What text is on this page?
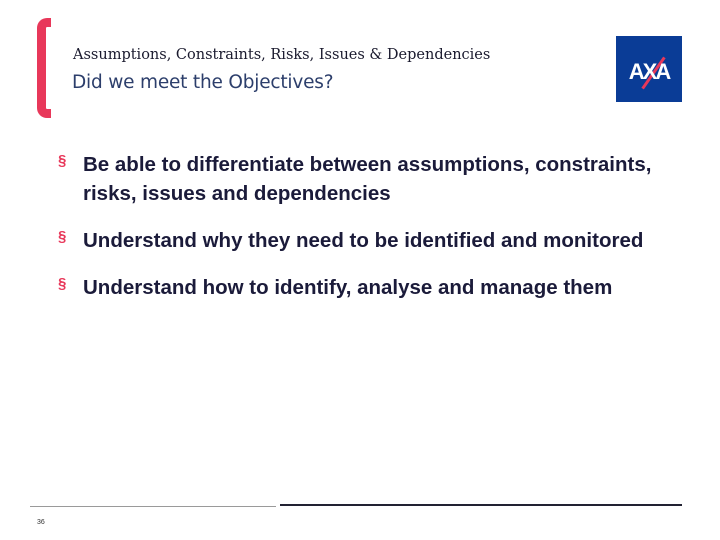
Assumptions, Constraints, Risks, Issues & Dependencies
Did we meet the Objectives?	AXA
§ Be able to differentiate between assumptions, constraints, risks, issues and dependencies
§ Understand why they need to be identified and monitored
§ Understand how to identify, analyse and manage them
36
